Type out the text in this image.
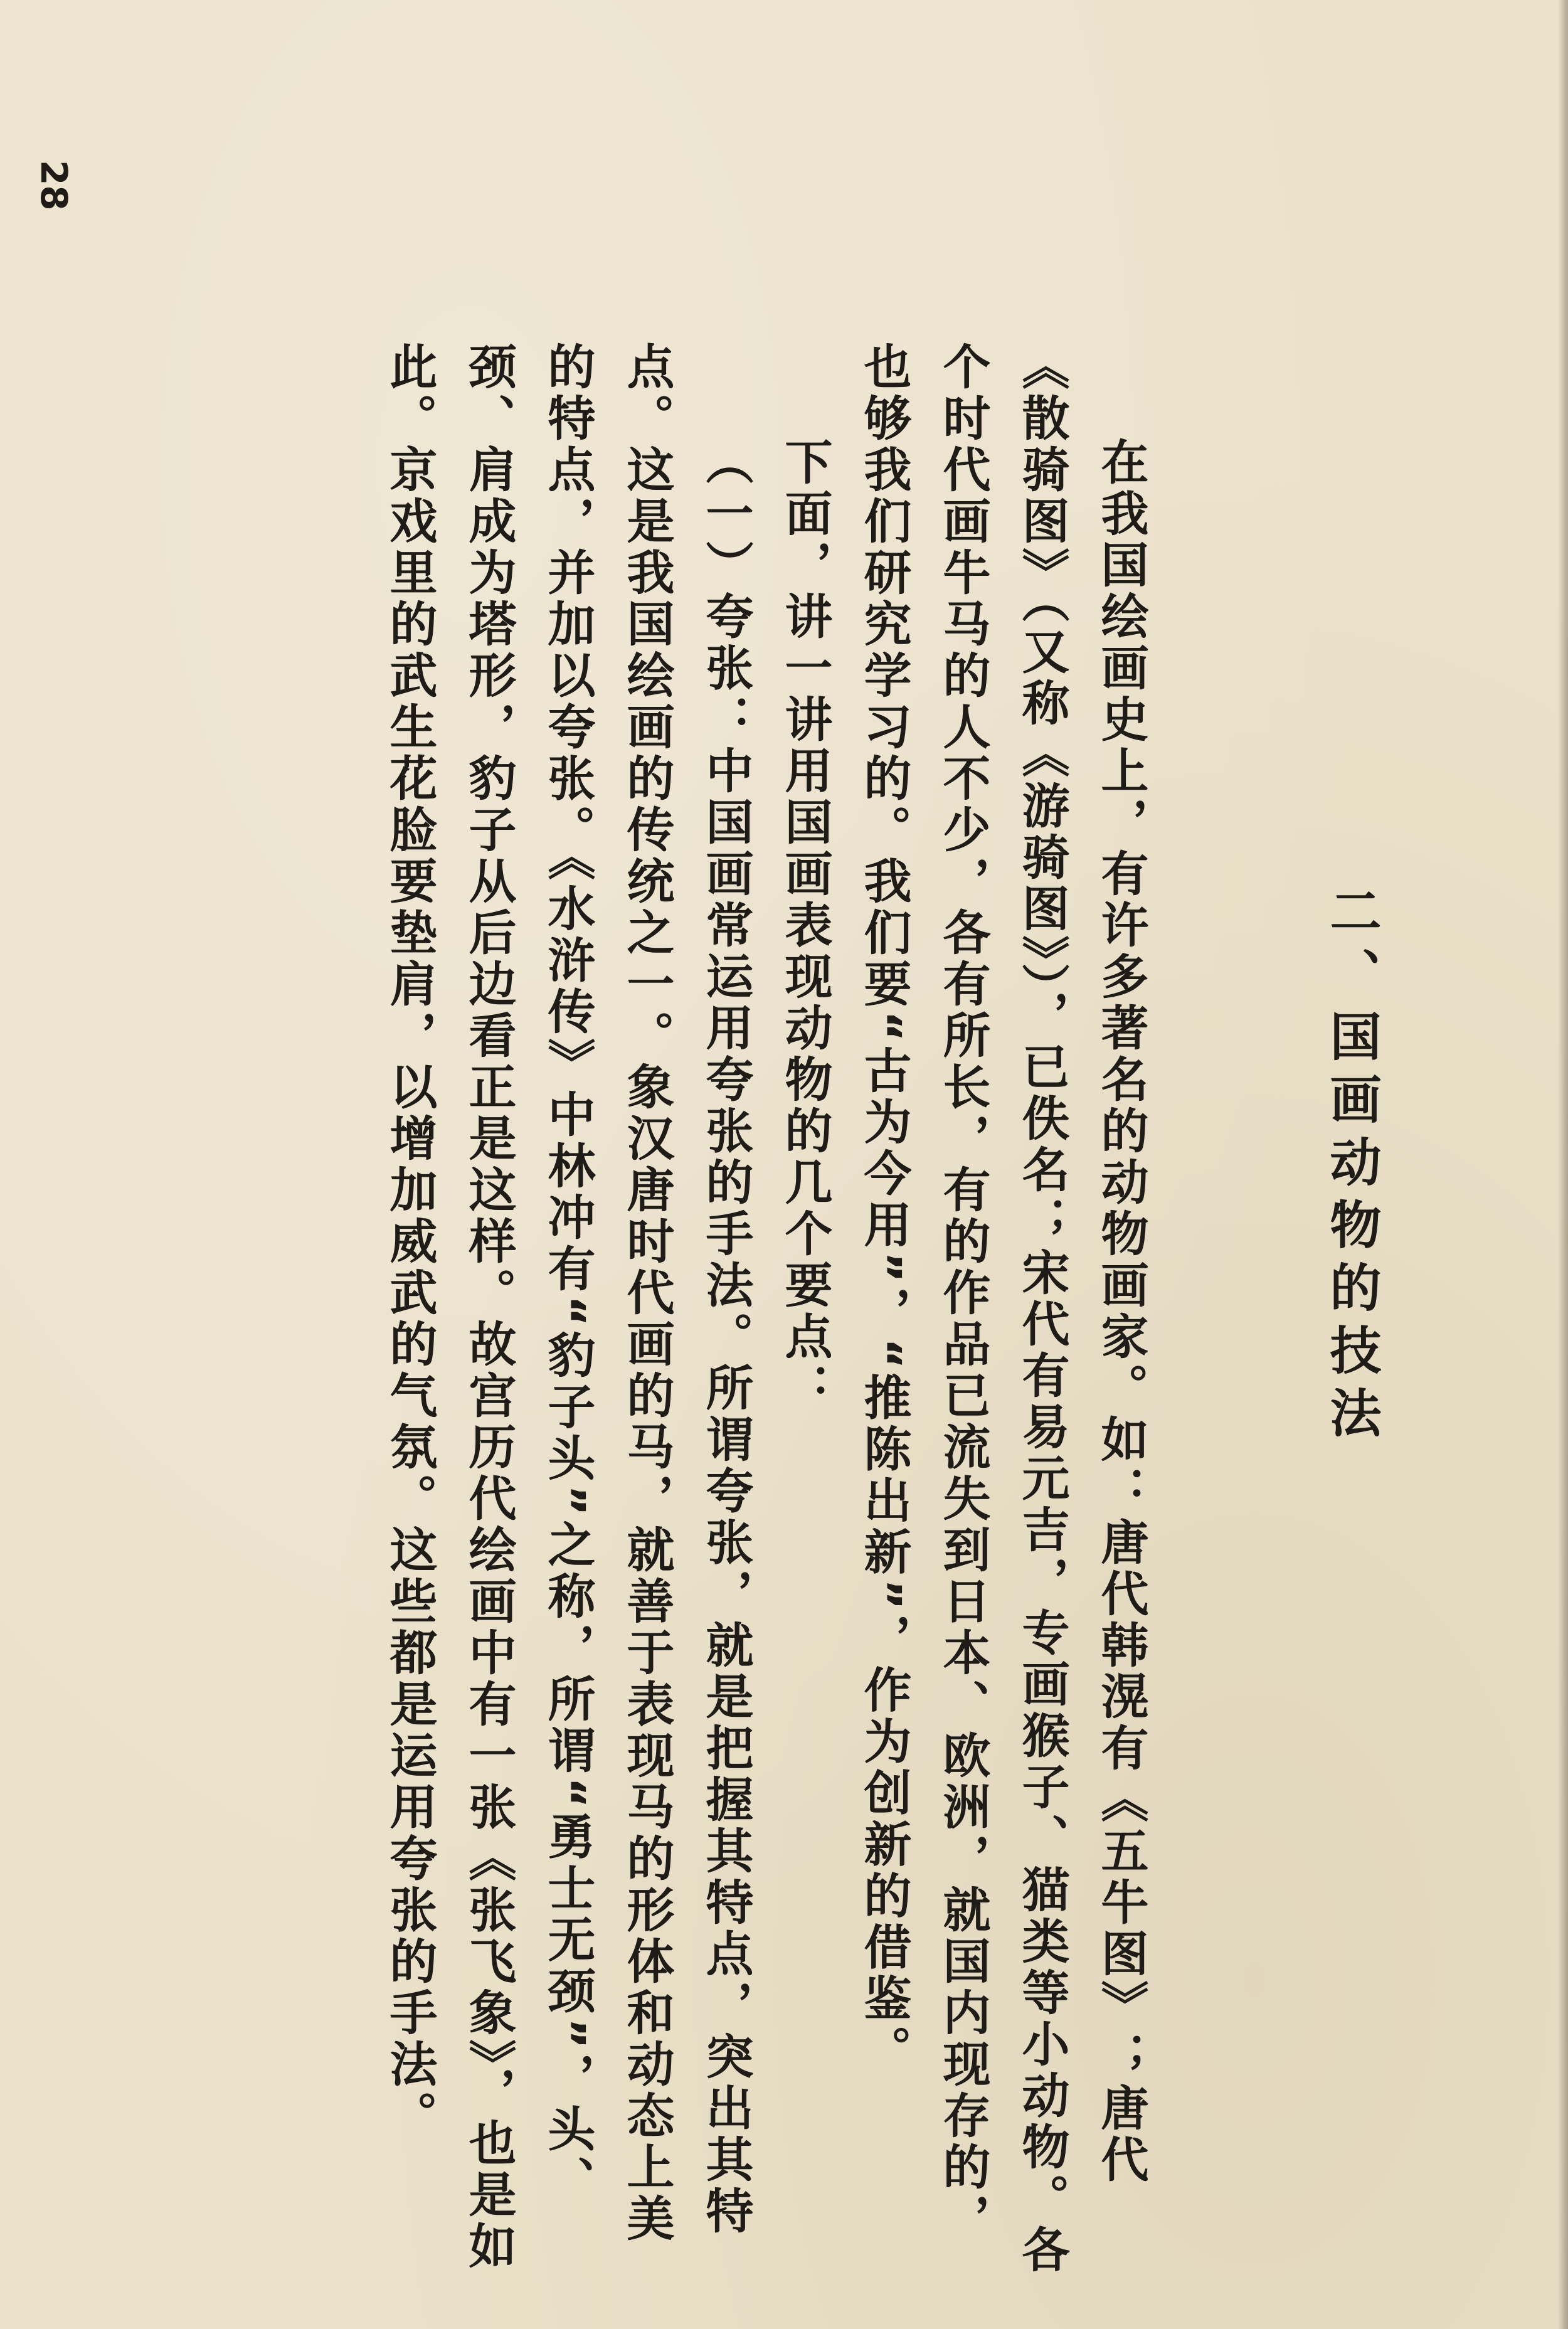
28
二、国画动物的技法

在我国绘画史上，有许多著名的动物画家。如：唐代韩滉有《五牛图》；唐代《散骑图》（又称《游骑图》），已佚名；宋代有易元吉，专画猴子、猫类等小动物。各个时代画牛马的人不少，各有所长，有的作品已流失到日本、欧洲，就国内现存的，也够我们研究学习的。我们要“古为今用”，“推陈出新”，作为创新的借鉴。

下面，讲一讲用国画表现动物的几个要点：

（一）夸张：中国画常运用夸张的手法。所谓夸张，就是把握其特点，突出其特点。这是我国绘画的传统之一。象汉唐时代画的马，就善于表现马的形体和动态上美的特点，并加以夸张。《水浒传》中林冲有“豹子头”之称，所谓“勇士无颈”，头、颈、肩成为塔形，豹子从后边看正是这样。故宫历代绘画中有一张《张飞象》，也是如此。京戏里的武生花脸要垫肩，以增加威武的气氛。这些都是运用夸张的手法。
